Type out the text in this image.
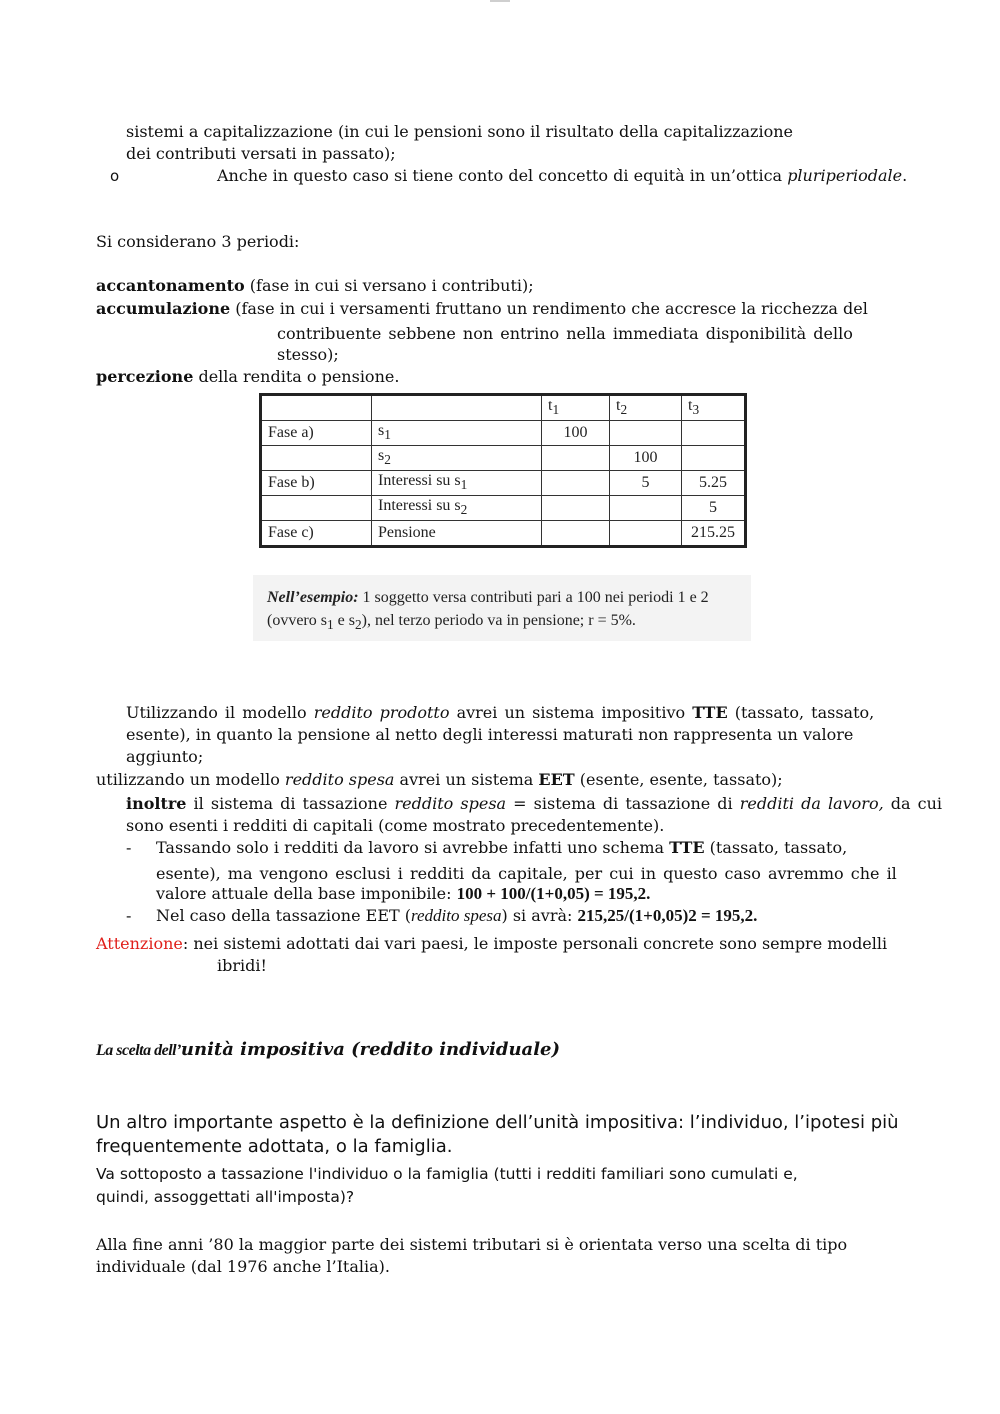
sistemi a capitalizzazione (in cui le pensioni sono il risultato della capitalizzazione
dei contributi versati in passato);
o	Anche in questo caso si tiene conto del concetto di equità in un’ottica pluriperiodale.
Si considerano 3 periodi:
accantonamento (fase in cui si versano i contributi);
accumulazione (fase in cui i versamenti fruttano un rendimento che accresce la ricchezza del
contribuente sebbene non entrino nella immediata disponibilità dello
stesso);
percezione della rendita o pensione.
		$t_1$	$t_2$	$t_3$
Fase a)	$s_1$	100		
	$s_2$		100	
Fase b)	Interessi su $s_1$		5	5.25
	Interessi su $s_2$			5
Fase c)	Pensione			215.25
Nell’esempio: 1 soggetto versa contributi pari a 100 nei periodi 1 e 2
(ovvero $s_1$ e $s_2$), nel terzo periodo va in pensione; r = 5%.
Utilizzando il modello reddito prodotto avrei un sistema impositivo TTE (tassato, tassato,
esente), in quanto la pensione al netto degli interessi maturati non rappresenta un valore
aggiunto;
utilizzando un modello reddito spesa avrei un sistema EET (esente, esente, tassato);
inoltre il sistema di tassazione reddito spesa = sistema di tassazione di redditi da lavoro, da cui
sono esenti i redditi di capitali (come mostrato precedentemente).
- Tassando solo i redditi da lavoro si avrebbe infatti uno schema TTE (tassato, tassato,
esente), ma vengono esclusi i redditi da capitale, per cui in questo caso avremmo che il
valore attuale della base imponibile: 100 + 100/(1+0,05) = 195,2.
- Nel caso della tassazione EET (reddito spesa) si avrà: 215,25/(1+0,05)2 = 195,2.
Attenzione: nei sistemi adottati dai vari paesi, le imposte personali concrete sono sempre modelli
ibridi!
La scelta dell’unità impositiva (reddito individuale)
Un altro importante aspetto è la definizione dell’unità impositiva: l’individuo, l’ipotesi più
frequentemente adottata, o la famiglia.
Va sottoposto a tassazione l'individuo o la famiglia (tutti i redditi familiari sono cumulati e,
quindi, assoggettati all'imposta)?
Alla fine anni ’80 la maggior parte dei sistemi tributari si è orientata verso una scelta di tipo
individuale (dal 1976 anche l’Italia).
